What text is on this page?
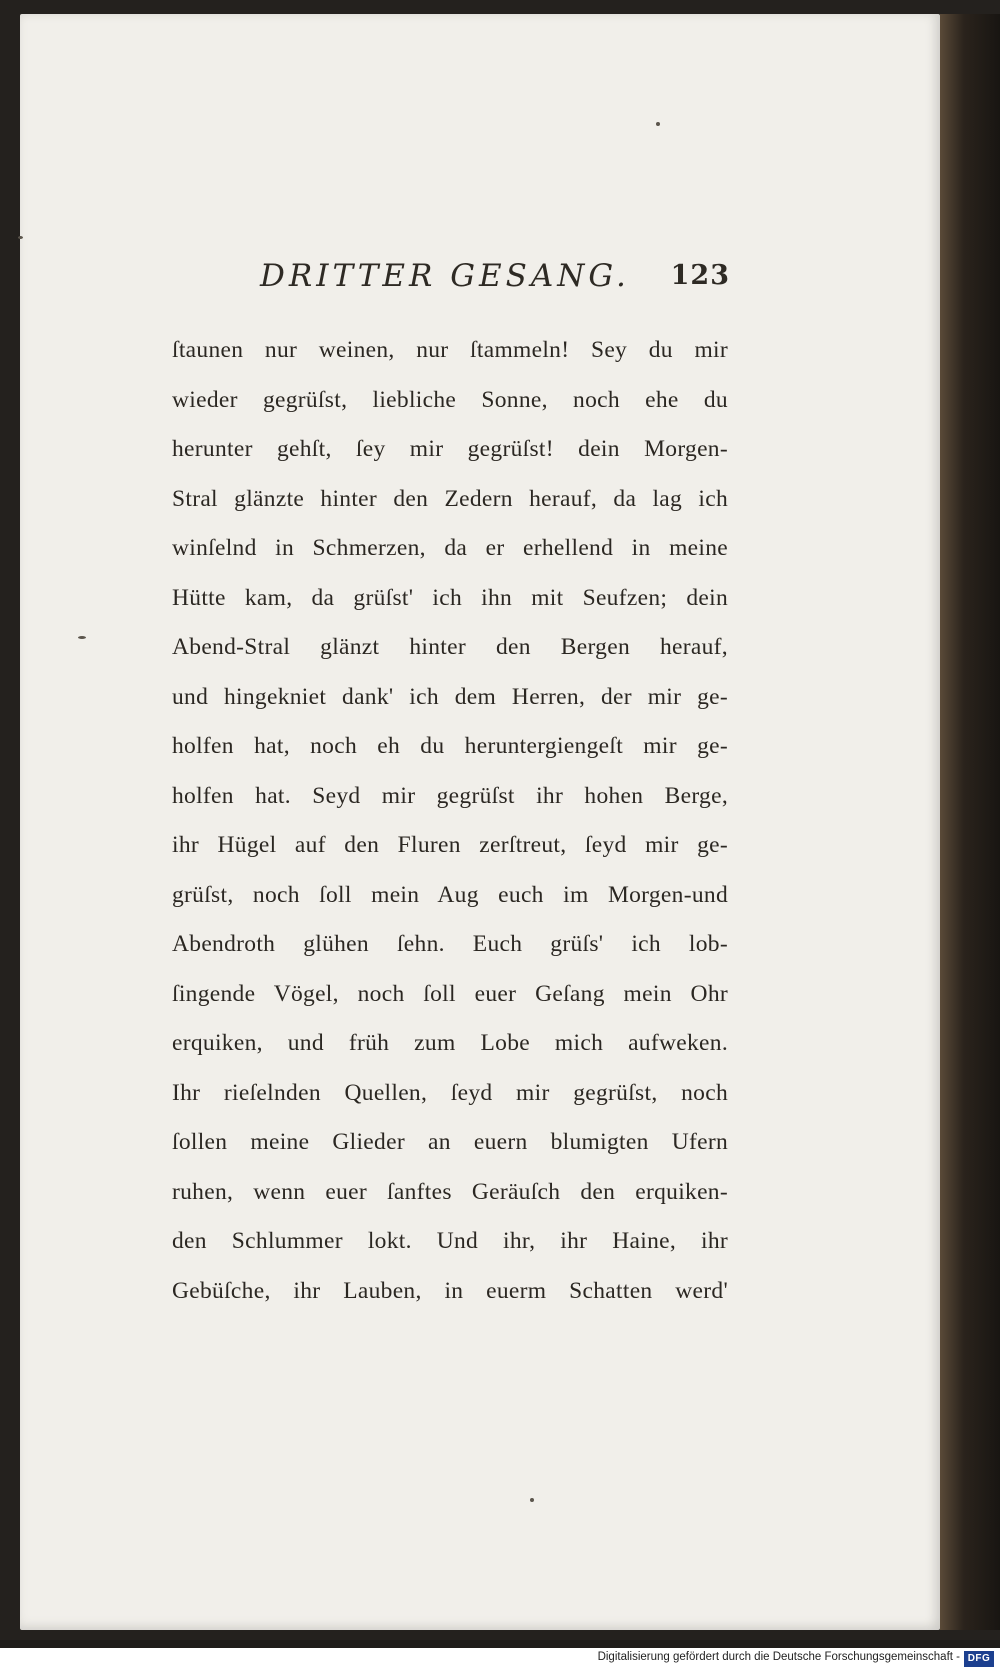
DRITTER GESANG. 123
ſtaunen nur weinen, nur ſtammeln! Sey du mir
wieder gegrüſst, liebliche Sonne, noch ehe du
herunter gehſt, ſey mir gegrüſst! dein Morgen-
Stral glänzte hinter den Zedern herauf, da lag ich
winſelnd in Schmerzen, da er erhellend in meine
Hütte kam, da grüſst' ich ihn mit Seufzen; dein
Abend-Stral glänzt hinter den Bergen herauf,
und hingekniet dank' ich dem Herren, der mir ge-
holfen hat, noch eh du heruntergiengeſt mir ge-
holfen hat. Seyd mir gegrüſst ihr hohen Berge,
ihr Hügel auf den Fluren zerſtreut, ſeyd mir ge-
grüſst, noch ſoll mein Aug euch im Morgen-und
Abendroth glühen ſehn. Euch grüſs' ich lob-
ſingende Vögel, noch ſoll euer Geſang mein Ohr
erquiken, und früh zum Lobe mich aufweken.
Ihr rieſelnden Quellen, ſeyd mir gegrüſst, noch
ſollen meine Glieder an euern blumigten Ufern
ruhen, wenn euer ſanftes Geräuſch den erquiken-
den Schlummer lokt. Und ihr, ihr Haine, ihr
Gebüſche, ihr Lauben, in euerm Schatten werd'
Digitalisierung gefördert durch die Deutsche Forschungsgemeinschaft - DFG
